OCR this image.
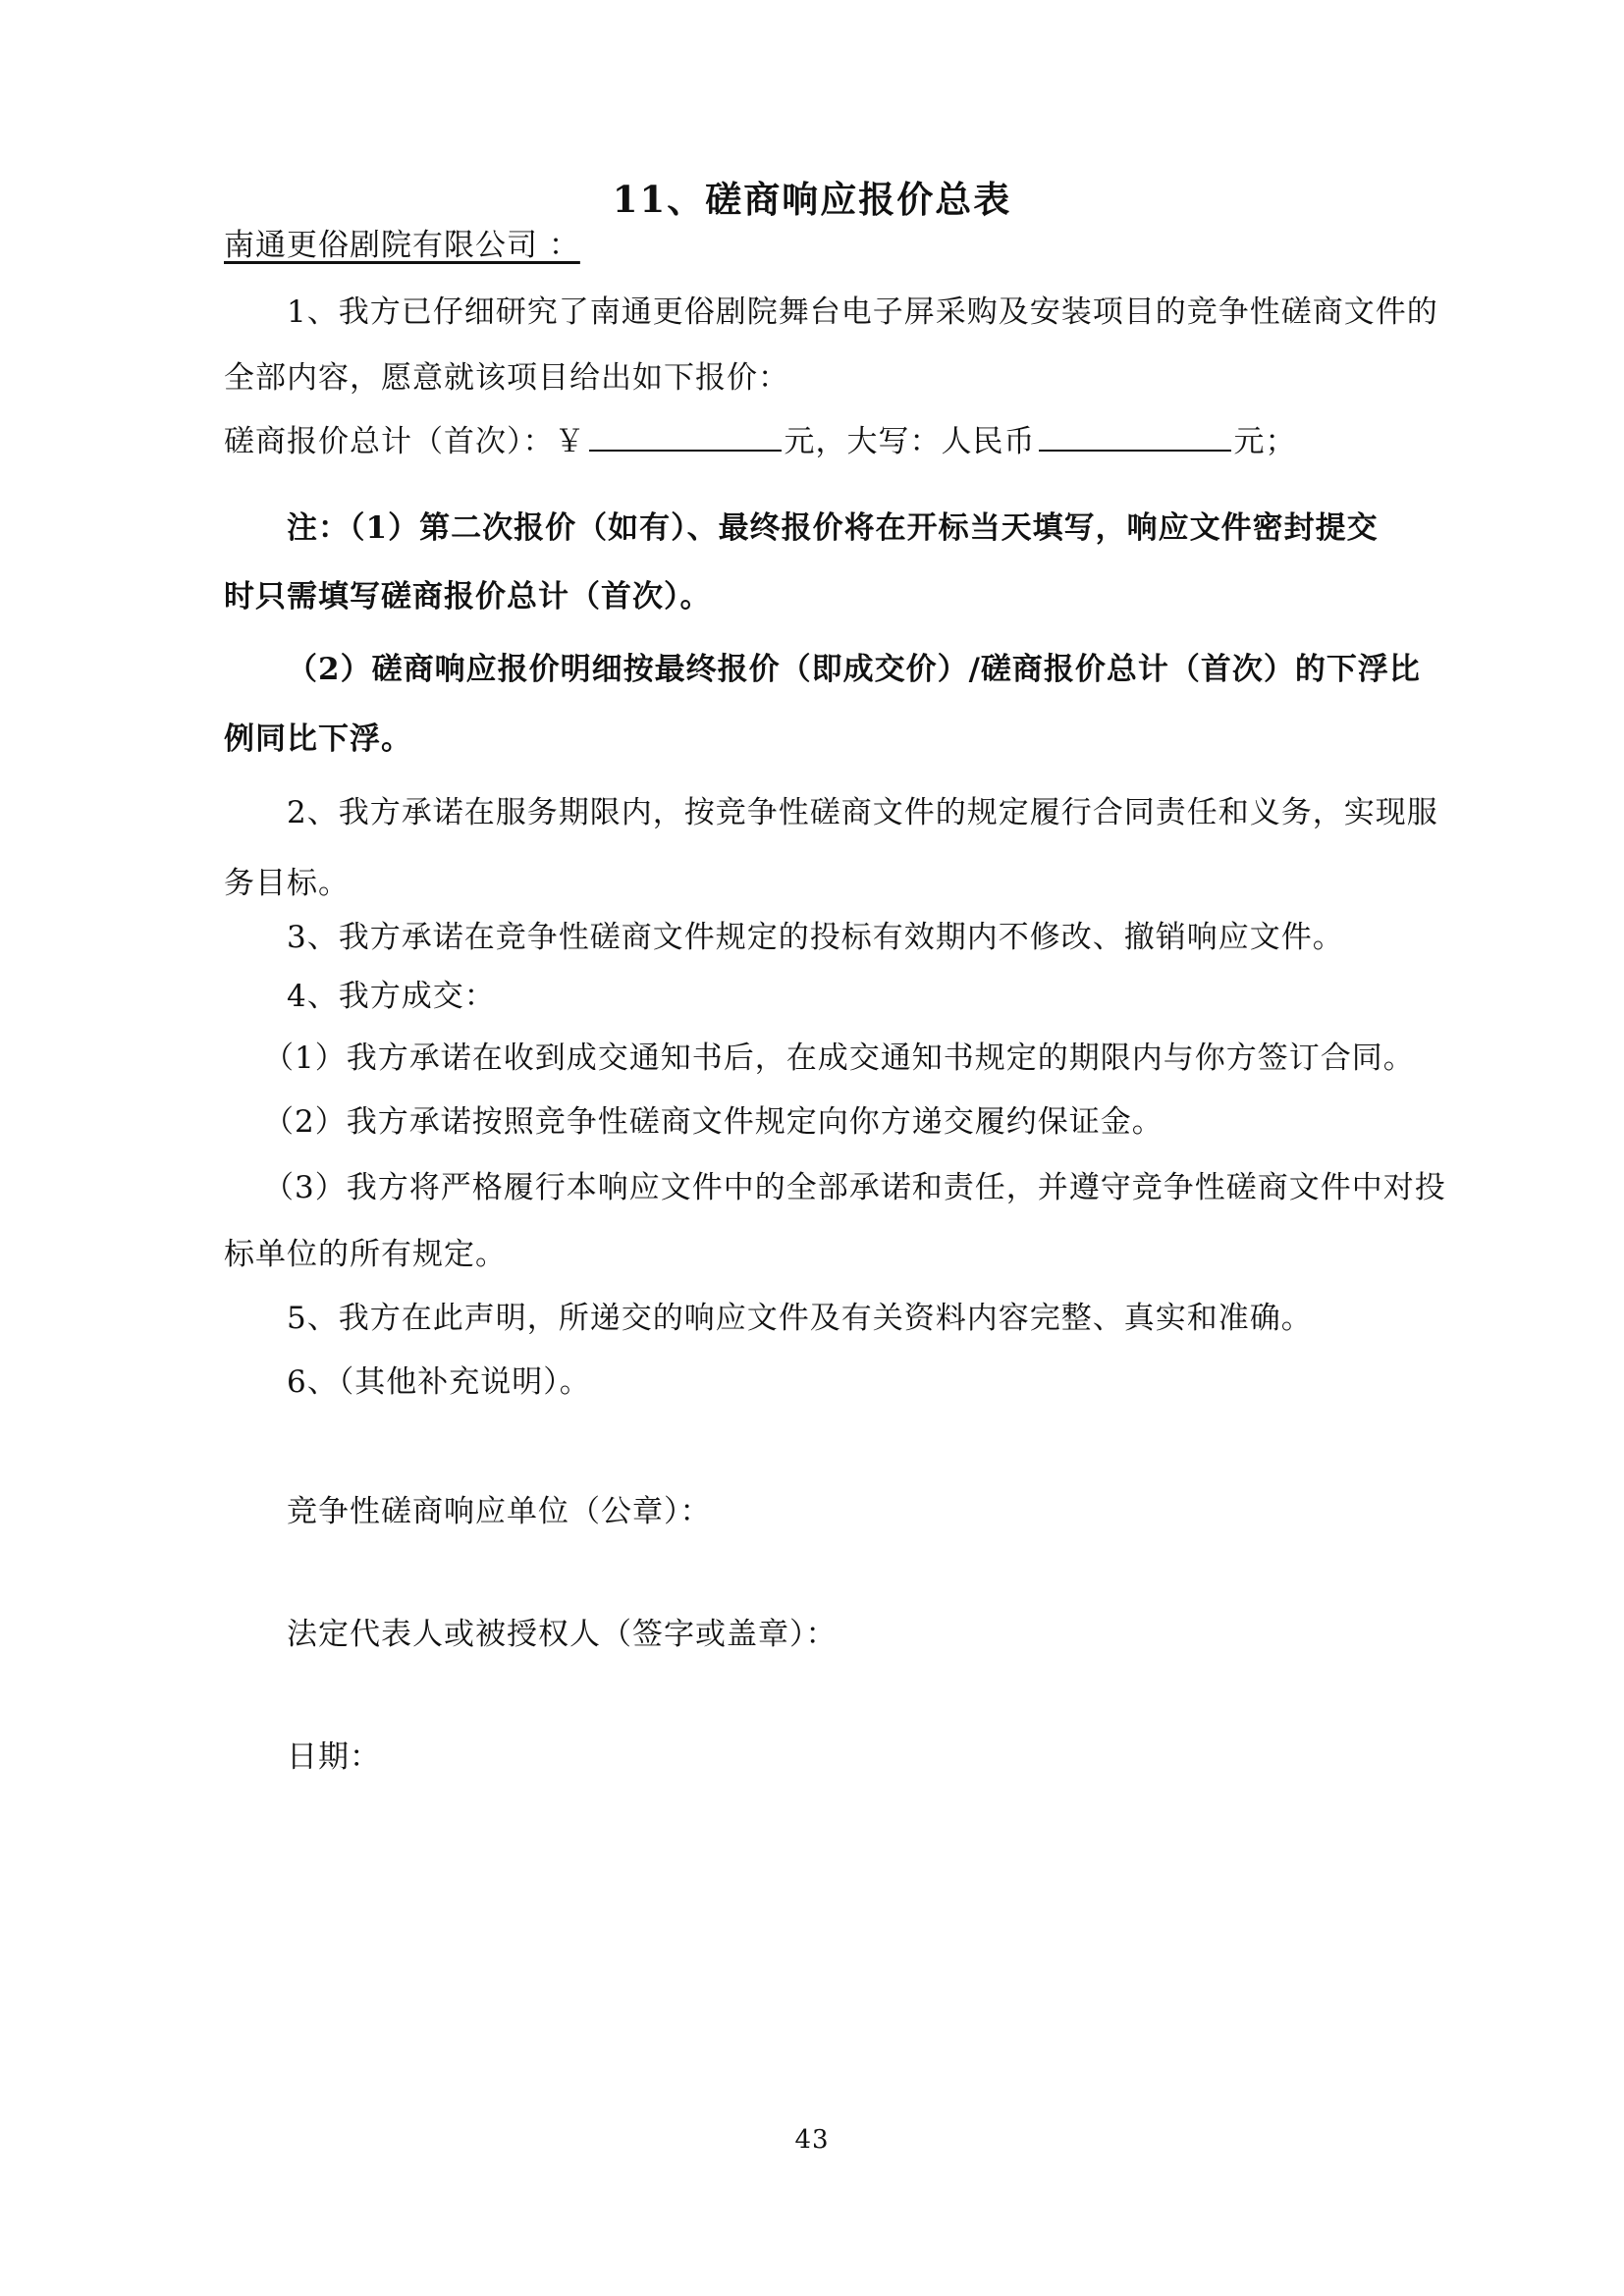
11、磋商响应报价总表
南通更俗剧院有限公司 ：
1、我方已仔细研究了南通更俗剧院舞台电子屏采购及安装项目的竞争性磋商文件的
全部内容，愿意就该项目给出如下报价：
磋商报价总计（首次）：￥	元，大写：人民币	元；
注：（1）第二次报价（如有）、最终报价将在开标当天填写，响应文件密封提交
时只需填写磋商报价总计（首次）。
（2）磋商响应报价明细按最终报价（即成交价）/磋商报价总计（首次）的下浮比
例同比下浮。
2、我方承诺在服务期限内，按竞争性磋商文件的规定履行合同责任和义务，实现服
务目标。
3、我方承诺在竞争性磋商文件规定的投标有效期内不修改、撤销响应文件。
4、我方成交：
（1）我方承诺在收到成交通知书后，在成交通知书规定的期限内与你方签订合同。
（2）我方承诺按照竞争性磋商文件规定向你方递交履约保证金。
（3）我方将严格履行本响应文件中的全部承诺和责任，并遵守竞争性磋商文件中对投
标单位的所有规定。
5、我方在此声明，所递交的响应文件及有关资料内容完整、真实和准确。
6、（其他补充说明）。
竞争性磋商响应单位（公章）：
法定代表人或被授权人（签字或盖章）：
日期：
43
